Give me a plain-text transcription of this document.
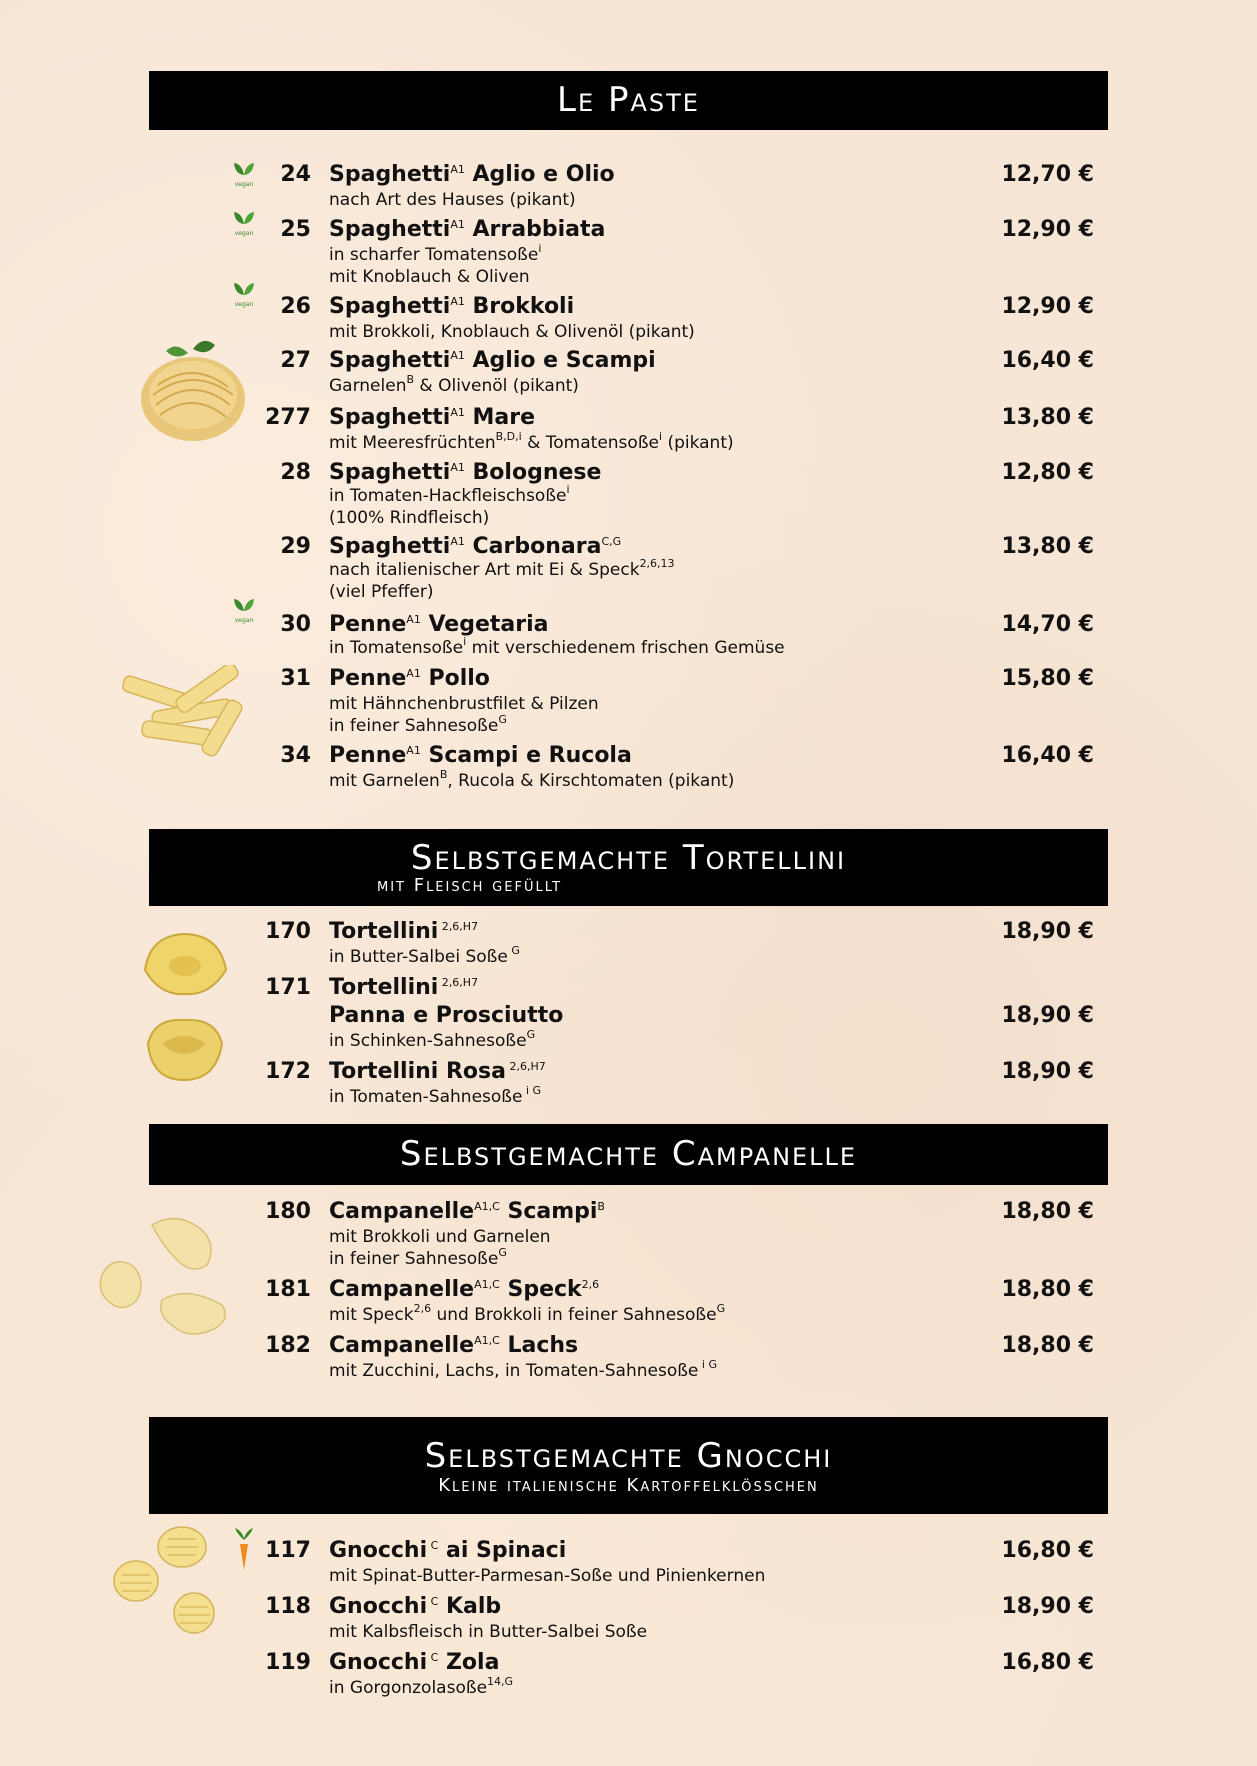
Le Paste
vegan
vegan
vegan
vegan
24 Spaghetti$^{A1}$ Aglio e Olio	12,70 €
nach Art des Hauses (pikant)
25 Spaghetti$^{A1}$ Arrabbiata	12,90 €
in scharfer Tomatensoße$^i$
mit Knoblauch & Oliven
26 Spaghetti$^{A1}$ Brokkoli	12,90 €
mit Brokkoli, Knoblauch & Olivenöl (pikant)
27 Spaghetti$^{A1}$ Aglio e Scampi	16,40 €
Garnelen$^B$ & Olivenöl (pikant)
277 Spaghetti$^{A1}$ Mare	13,80 €
mit Meeresfrüchten$^{B,D,i}$ & Tomatensoße$^i$ (pikant)
28 Spaghetti$^{A1}$ Bolognese	12,80 €
in Tomaten-Hackfleischsoße$^i$
(100% Rindfleisch)
29 Spaghetti$^{A1}$ Carbonara$^{C,G}$	13,80 €
nach italienischer Art mit Ei & Speck$^{2,6,13}$
(viel Pfeffer)
30 Penne$^{A1}$ Vegetaria	14,70 €
in Tomatensoße$^i$ mit verschiedenem frischen Gemüse
31 Penne$^{A1}$ Pollo	15,80 €
mit Hähnchenbrustfilet & Pilzen
in feiner Sahnesoße$^G$
34 Penne$^{A1}$ Scampi e Rucola	16,40 €
mit Garnelen$^B$, Rucola & Kirschtomaten (pikant)
Selbstgemachte Tortellini
mit Fleisch gefüllt
170 Tortellini $^{2,6,H7}$	18,90 €
in Butter-Salbei Soße $^G$
171 Tortellini $^{2,6,H7}$
Panna e Prosciutto	18,90 €
in Schinken-Sahnesoße$^G$
172 Tortellini Rosa $^{2,6,H7}$	18,90 €
in Tomaten-Sahnesoße $^{i G}$
Selbstgemachte Campanelle
180 Campanelle$^{A1,C}$ Scampi$^B$	18,80 €
mit Brokkoli und Garnelen
in feiner Sahnesoße$^G$
181 Campanelle$^{A1,C}$ Speck$^{2,6}$	18,80 €
mit Speck$^{2,6}$ und Brokkoli in feiner Sahnesoße$^G$
182 Campanelle$^{A1,C}$ Lachs	18,80 €
mit Zucchini, Lachs, in Tomaten-Sahnesoße $^{i G}$
Selbstgemachte Gnocchi
Kleine italienische Kartoffelklösschen
117 Gnocchi $^C$ ai Spinaci	16,80 €
mit Spinat-Butter-Parmesan-Soße und Pinienkernen
118 Gnocchi $^C$ Kalb	18,90 €
mit Kalbsfleisch in Butter-Salbei Soße
119 Gnocchi $^C$ Zola	16,80 €
in Gorgonzolasoße$^{14,G}$
